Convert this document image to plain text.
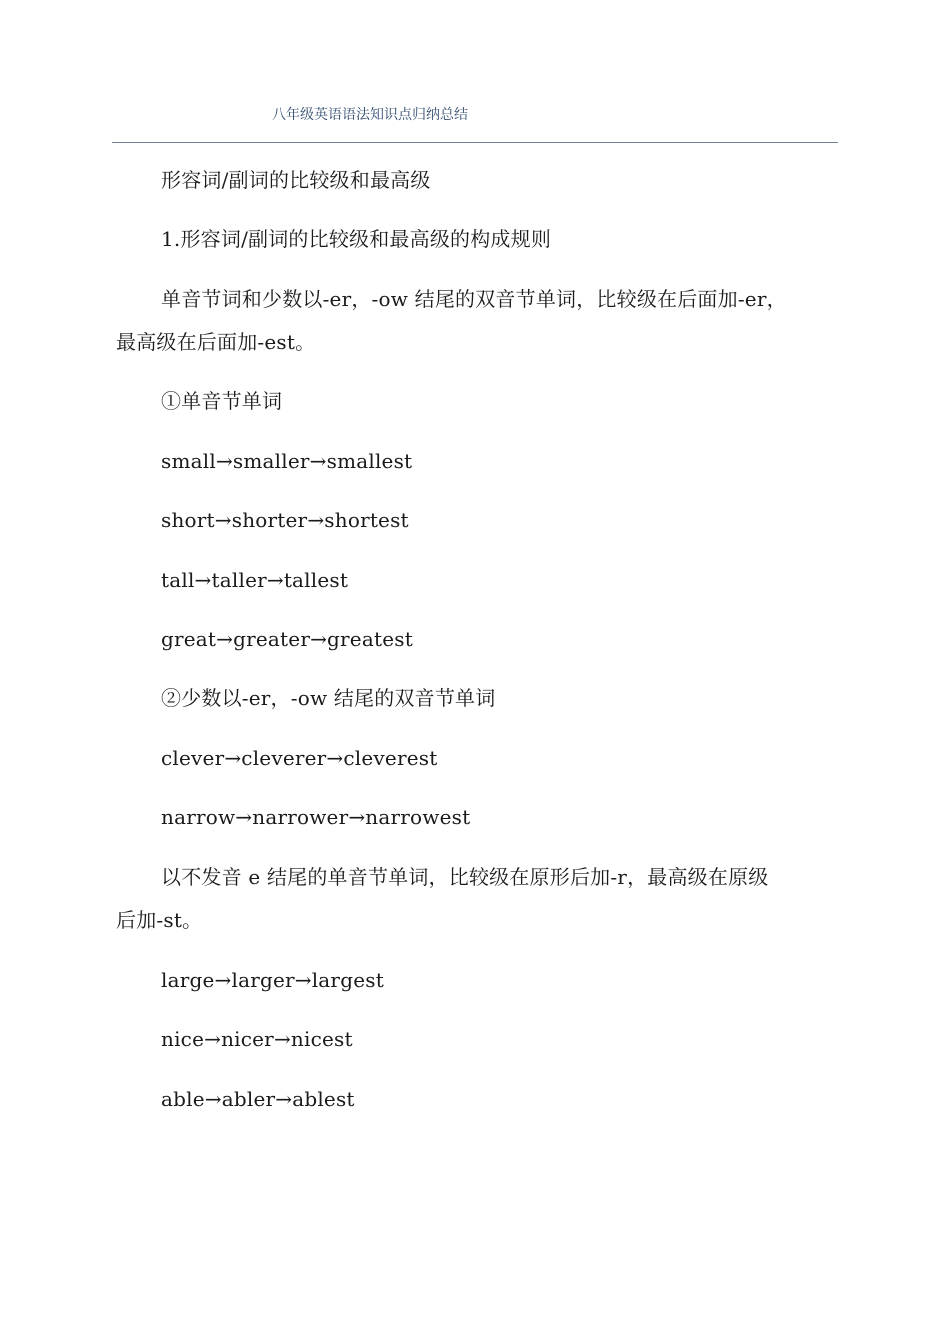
八年级英语语法知识点归纳总结
形容词/副词的比较级和最高级
1.形容词/副词的比较级和最高级的构成规则
单音节词和少数以-er，-ow 结尾的双音节单词，比较级在后面加-er，
最高级在后面加-est。
①单音节单词
small→smaller→smallest
short→shorter→shortest
tall→taller→tallest
great→greater→greatest
②少数以-er，-ow 结尾的双音节单词
clever→cleverer→cleverest
narrow→narrower→narrowest
以不发音 e 结尾的单音节单词，比较级在原形后加-r，最高级在原级
后加-st。
large→larger→largest
nice→nicer→nicest
able→abler→ablest
